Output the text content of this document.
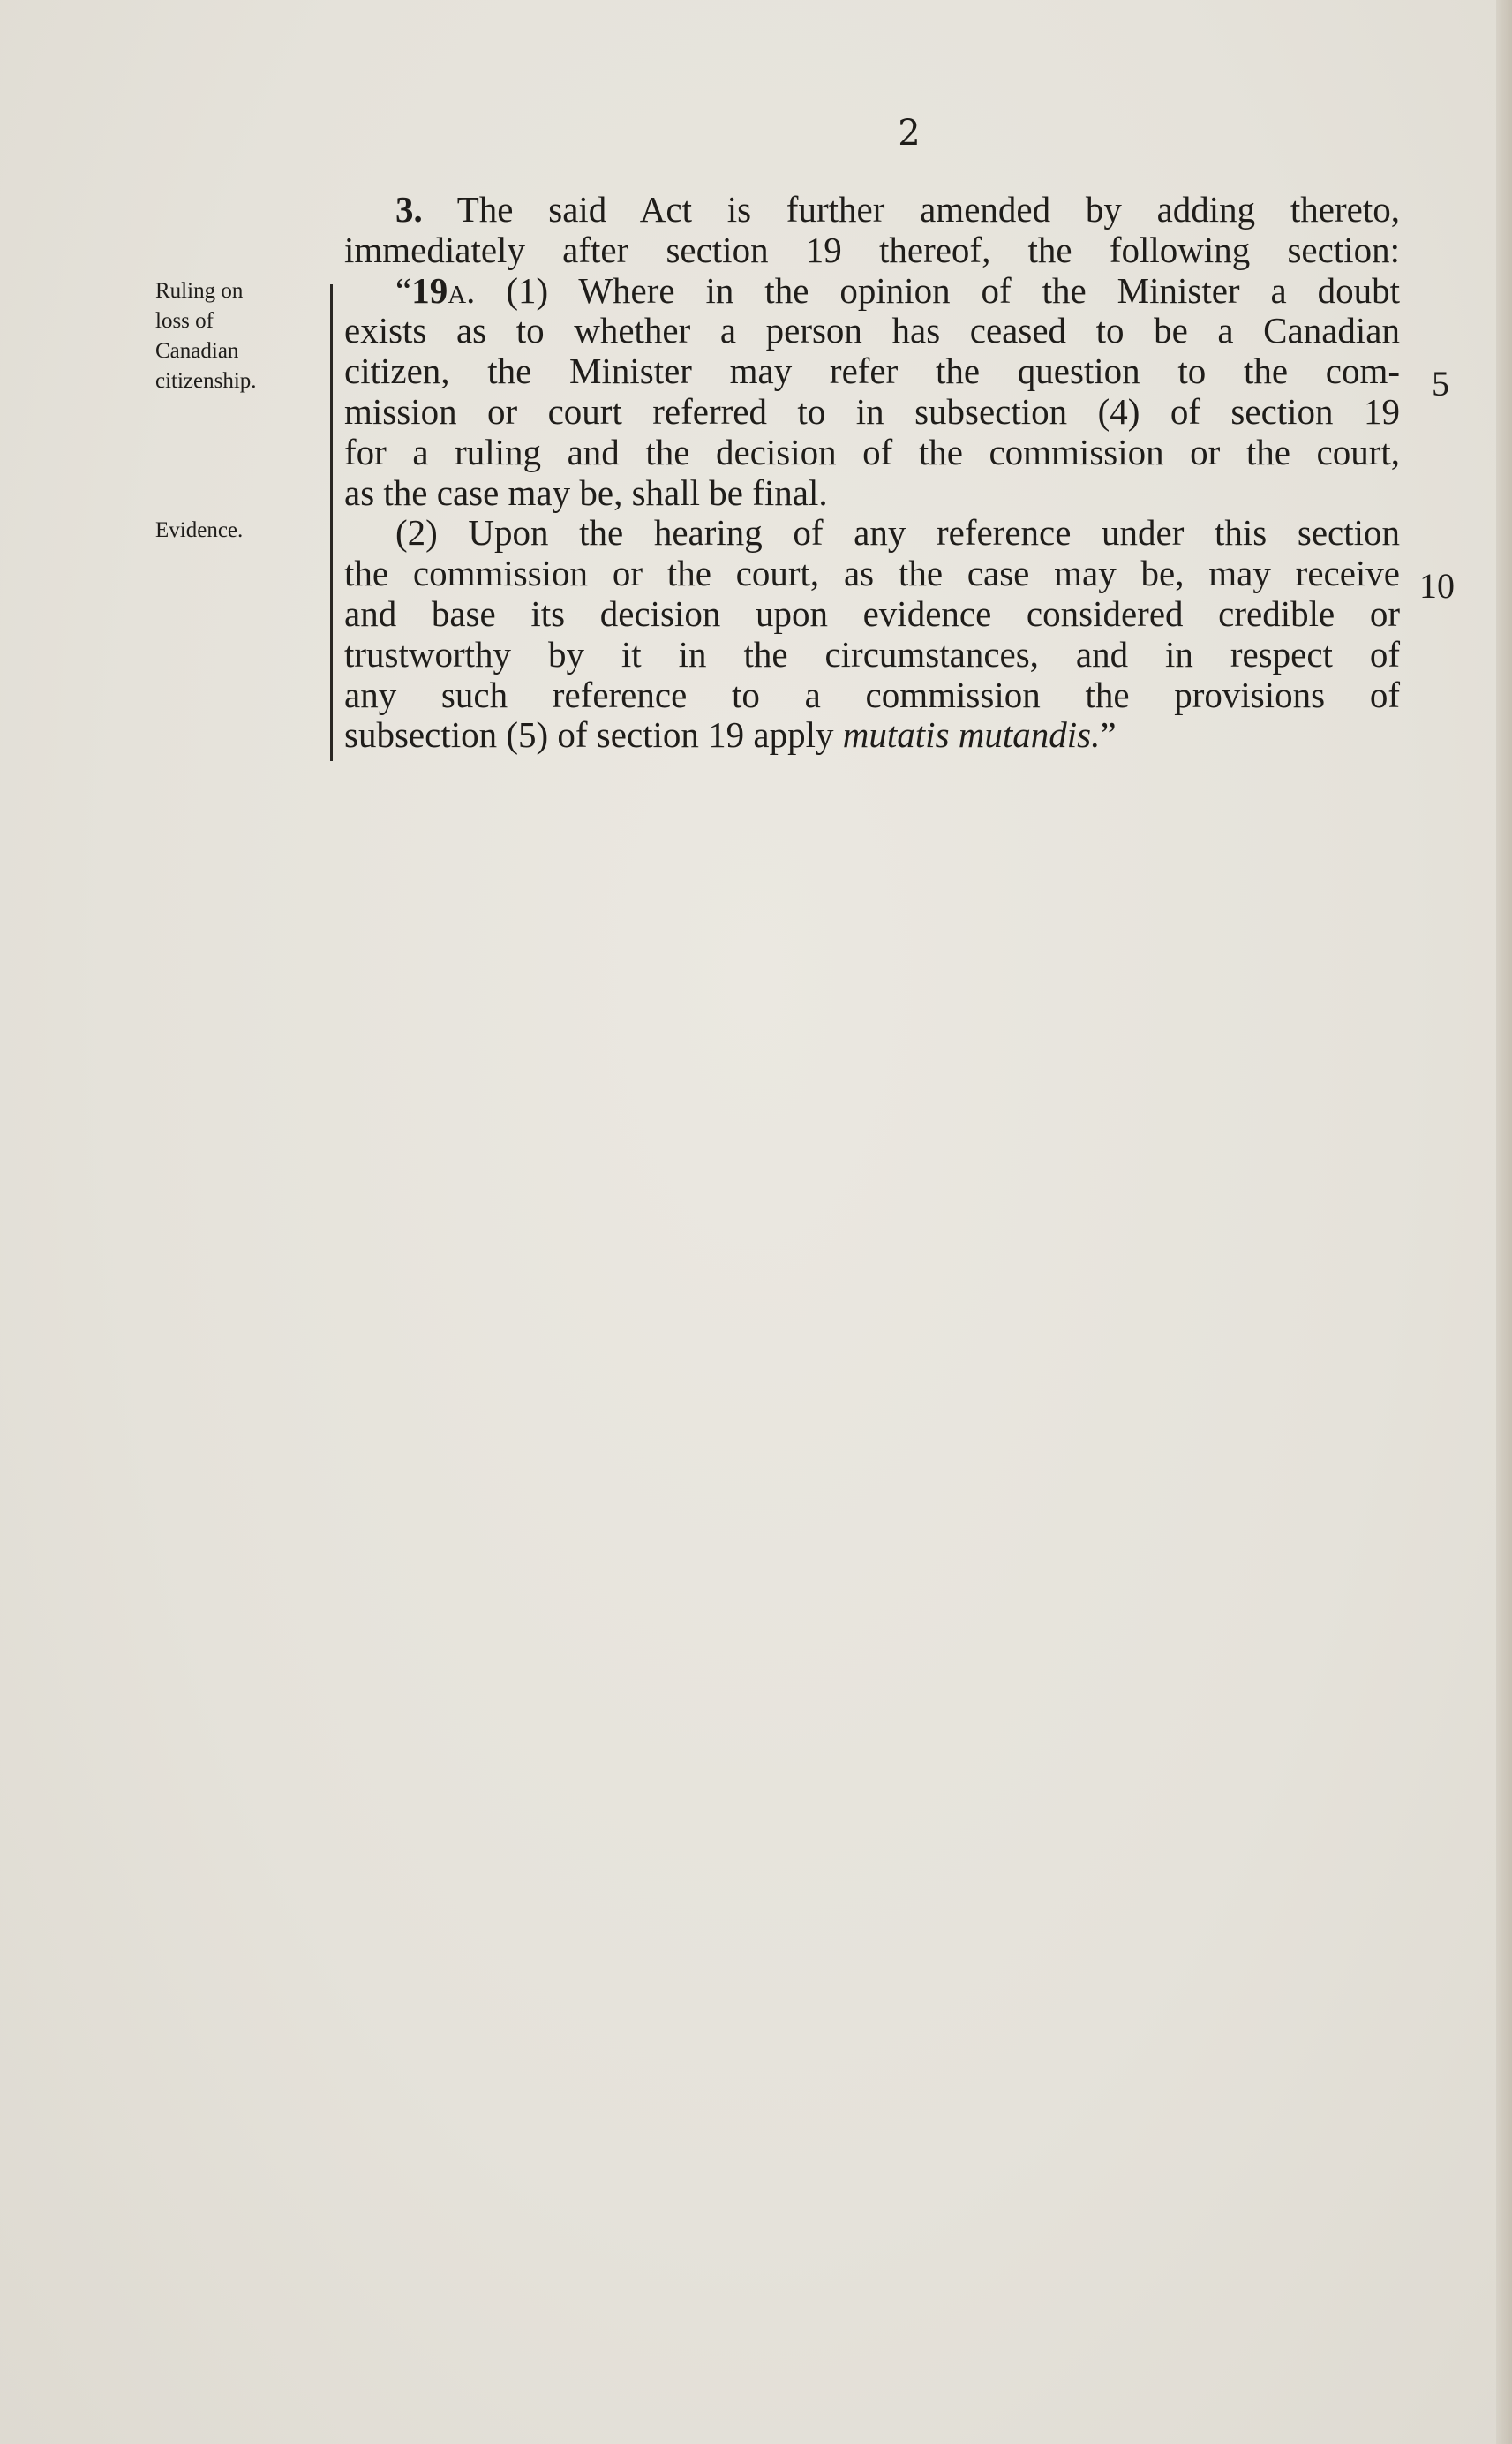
2
Ruling on
loss of
Canadian
citizenship.
Evidence.
3. The said Act is further amended by adding thereto,
immediately after section 19 thereof, the following section:
“19a. (1) Where in the opinion of the Minister a doubt
exists as to whether a person has ceased to be a Canadian
citizen, the Minister may refer the question to the com-
mission or court referred to in subsection (4) of section 19
for a ruling and the decision of the commission or the court,
as the case may be, shall be final.
(2) Upon the hearing of any reference under this section
the commission or the court, as the case may be, may receive
and base its decision upon evidence considered credible or
trustworthy by it in the circumstances, and in respect of
any such reference to a commission the provisions of
subsection (5) of section 19 apply mutatis mutandis.”
5
10
